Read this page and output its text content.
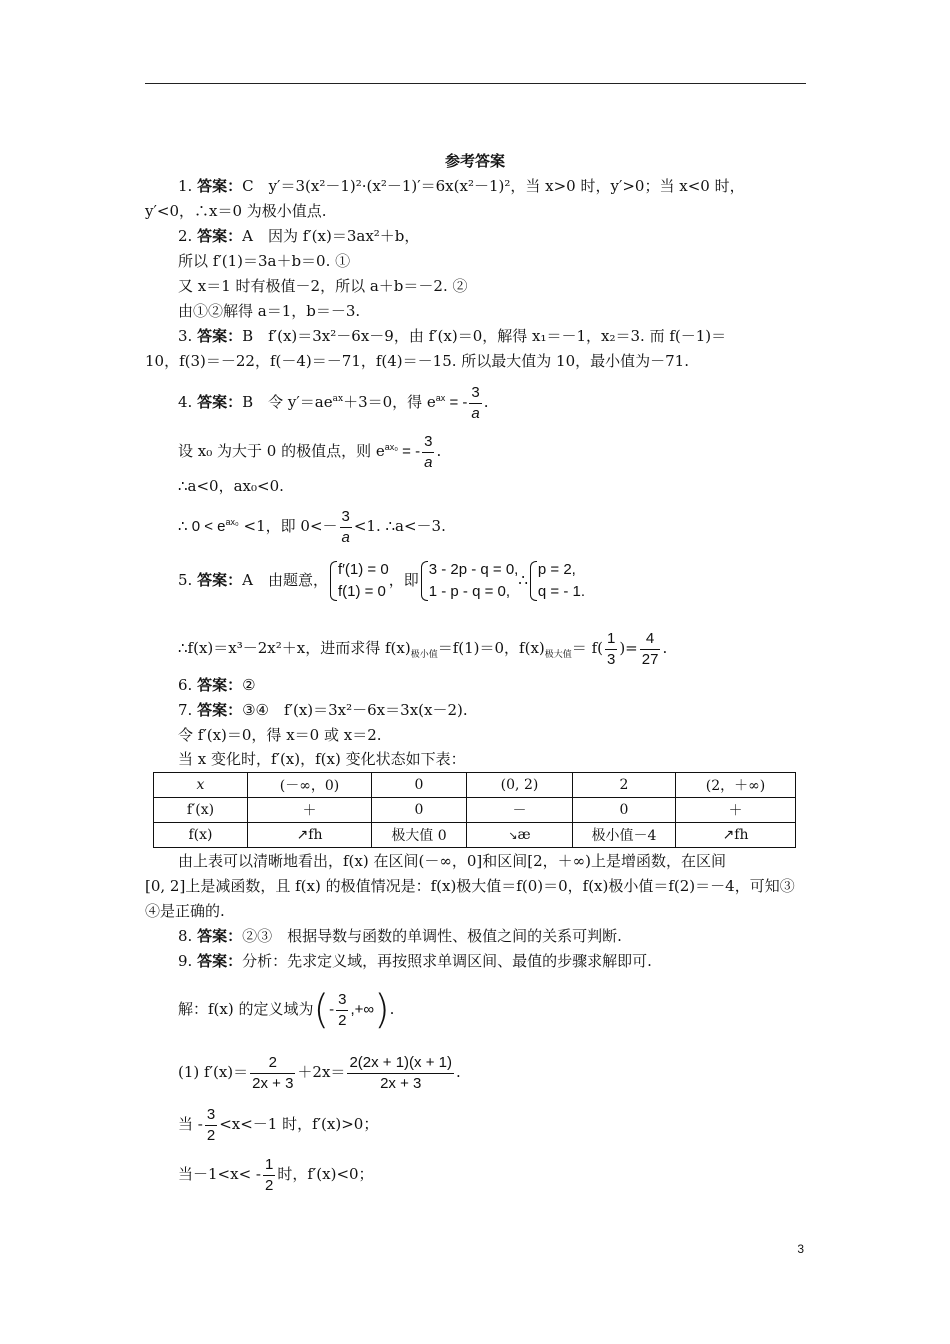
参考答案
1. 答案：C　y′＝3(x²－1)²·(x²－1)′＝6x(x²－1)²，当 x>0 时，y′>0；当 x<0 时，
y′<0，∴x＝0 为极小值点.
2. 答案：A　因为 f′(x)＝3ax²＋b，
所以 f′(1)＝3a＋b＝0. ①
又 x＝1 时有极值－2，所以 a＋b＝－2. ②
由①②解得 a＝1，b＝－3.
3. 答案：B　f′(x)＝3x²－6x－9，由 f′(x)＝0，解得 x₁＝－1，x₂＝3. 而 f(－1)＝
10，f(3)＝－22，f(－4)＝－71，f(4)＝－15. 所以最大值为 10，最小值为－71.
4. 答案：B　令 $y'=ae^{ax}+3=0$，得 $e^{ax}$ = - $\frac{3}{a}$ .
设 x₀ 为大于 0 的极值点，则 $e^{ax_0}$ = - $\frac{3}{a}$ .
∴a<0，ax₀<0.
∴ $0 < e^{ax_0} <1$，即 $0<- \frac{3}{a} <1$. ∴a<－3.
5. 答案：A　由题意，
f′(1) = 0
f(1) = 0
，即
3 - 2p - q = 0,
1 - p - q = 0,
∴
p = 2,
q = - 1.
∴f(x)＝x³－2x²＋x，进而求得 $f(x)_{极小值}=f(1)=0$，$f(x)_{极大值}= f( \frac{1}{3}$ )= $\frac{4}{27}$ .
6. 答案：②
7. 答案：③④　f′(x)＝3x²－6x＝3x(x－2).
令 f′(x)＝0，得 x＝0 或 x＝2.
当 x 变化时，f′(x)，f(x) 变化状态如下表：
x	(－∞，0)	0	(0, 2)	2	(2，＋∞)
f′(x)	＋	0	－	0	＋
f(x)	↗fh	极大值 0	↘æ	极小值－4	↗fh
由上表可以清晰地看出，f(x) 在区间(－∞，0]和区间[2，＋∞)上是增函数，在区间
[0, 2]上是减函数，且 f(x) 的极值情况是：f(x)极大值＝f(0)＝0，f(x)极小值＝f(2)＝－4，可知③
④是正确的.
8. 答案：②③　根据导数与函数的单调性、极值之间的关系可判断.
9. 答案：分析：先求定义域，再按照求单调区间、最值的步骤求解即可.
解：f(x) 的定义域为(- $\frac{3}{2}$ ,+∞).
(1) $f'(x)= \frac{2}{2x + 3} +2x= \frac{2(2x + 1)(x + 1)}{2x + 3}$ .
当 - $\frac{3}{2} <x<-1$ 时，f′(x)>0；
当$-1<x< - \frac{1}{2}$ 时，f′(x)<0；
3
